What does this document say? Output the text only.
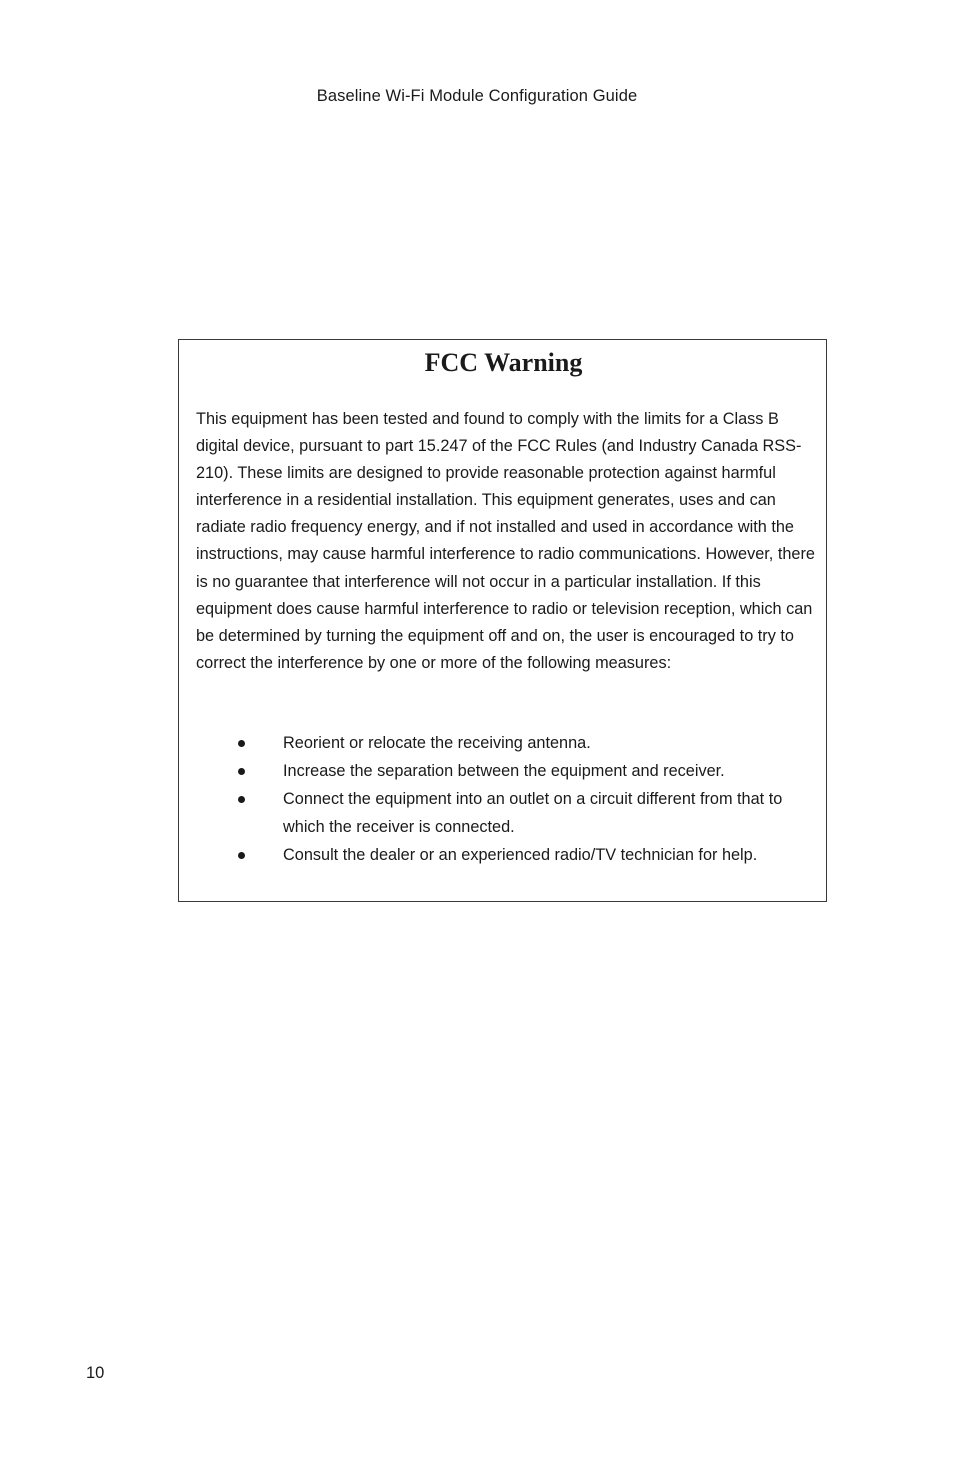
Baseline Wi-Fi Module Configuration Guide
FCC Warning

This equipment has been tested and found to comply with the limits for a Class B digital device, pursuant to part 15.247 of the FCC Rules (and Industry Canada RSS-210). These limits are designed to provide reasonable protection against harmful interference in a residential installation. This equipment generates, uses and can radiate radio frequency energy, and if not installed and used in accordance with the instructions, may cause harmful interference to radio communications. However, there is no guarantee that interference will not occur in a particular installation. If this equipment does cause harmful interference to radio or television reception, which can be determined by turning the equipment off and on, the user is encouraged to try to correct the interference by one or more of the following measures:

Reorient or relocate the receiving antenna.
Increase the separation between the equipment and receiver.
Connect the equipment into an outlet on a circuit different from that to which the receiver is connected.
Consult the dealer or an experienced radio/TV technician for help.
10
